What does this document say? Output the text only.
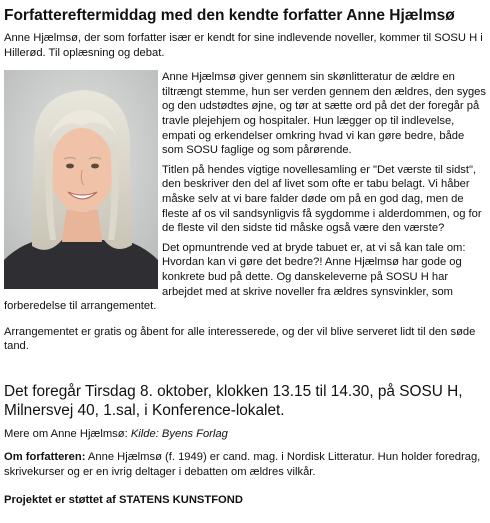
Forfattereftermiddag med den kendte forfatter Anne Hjælmsø

Anne Hjælmsø, der som forfatter især er kendt for sine indlevende noveller, kommer til SOSU H i Hillerød. Til oplæsning og debat.

Anne Hjælmsø giver gennem sin skønlitteratur de ældre en tiltrængt stemme, hun ser verden gennem den ældres, den syges og den udstødtes øjne, og tør at sætte ord på det der foregår på travle plejehjem og hospitaler. Hun lægger op til indlevelse, empati og erkendelser omkring hvad vi kan gøre bedre, både som SOSU faglige og som pårørende.

Titlen på hendes vigtige novellesamling er "Det værste til sidst", den beskriver den del af livet som ofte er tabu belagt. Vi håber måske selv at vi bare falder døde om på en god dag, men de fleste af os vil sandsynligvis få sygdomme i alderdommen, og for de fleste vil den sidste tid måske også være den værste?

Det opmuntrende ved at bryde tabuet er, at vi så kan tale om: Hvordan kan vi gøre det bedre?! Anne Hjælmsø har gode og konkrete bud på dette. Og danskeleverne på SOSU H har arbejdet med at skrive noveller fra ældres synsvinkler, som forberedelse til arrangementet.

Arrangementet er gratis og åbent for alle interesserede, og der vil blive serveret lidt til den søde tand.

Det foregår Tirsdag 8. oktober, klokken 13.15 til 14.30, på SOSU H, Milnersvej 40, 1.sal, i Konference-lokalet.

Mere om Anne Hjælmsø: Kilde: Byens Forlag

Om forfatteren: Anne Hjælmsø (f. 1949) er cand. mag. i Nordisk Litteratur. Hun holder foredrag, skrivekurser og er en ivrig deltager i debatten om ældres vilkår.

Projektet er støttet af STATENS KUNSTFOND
